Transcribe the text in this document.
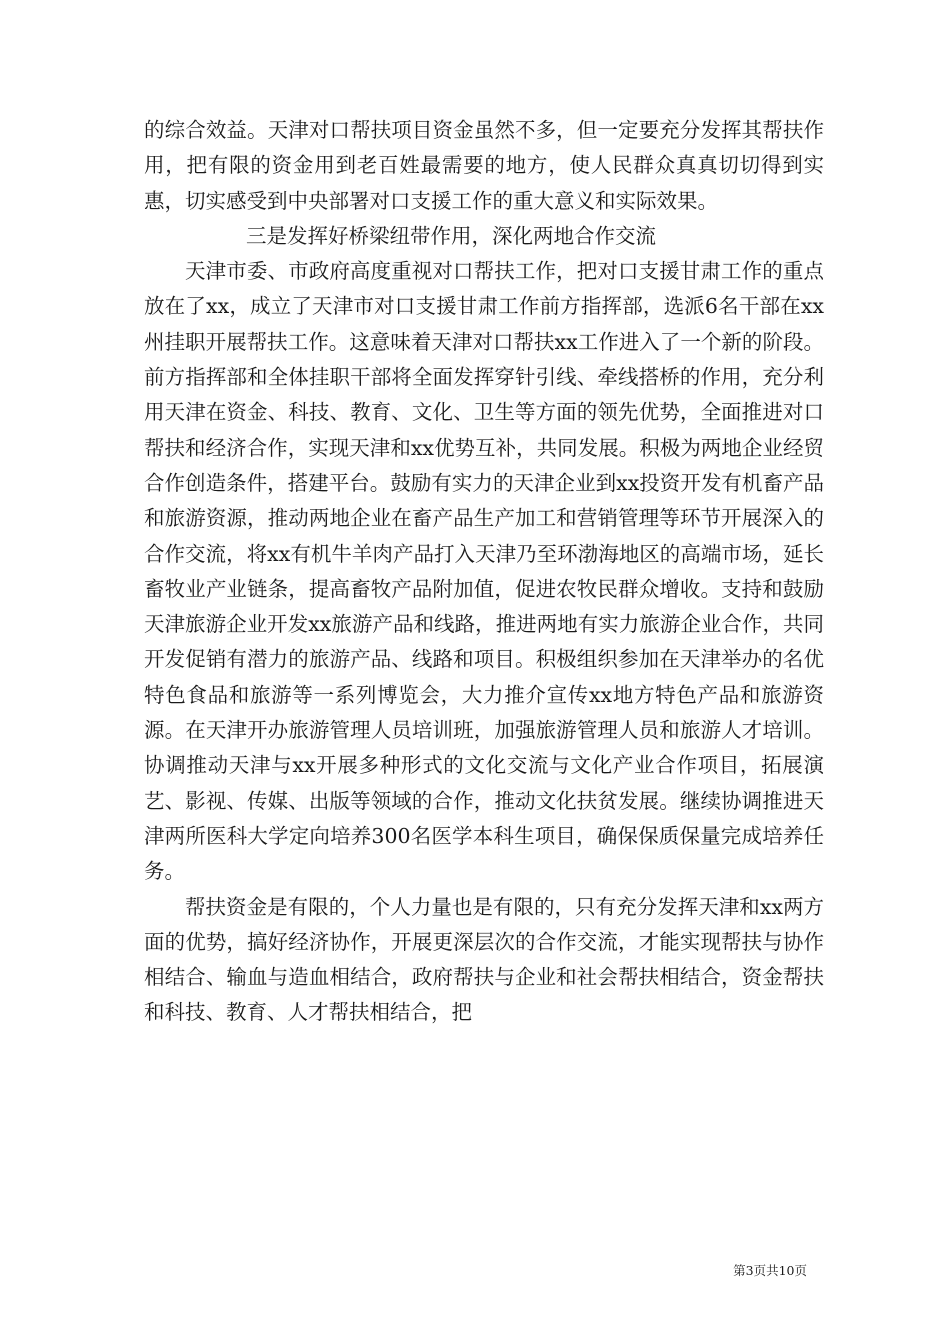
的综合效益。天津对口帮扶项目资金虽然不多，但一定要充分发挥其帮扶作用，把有限的资金用到老百姓最需要的地方，使人民群众真真切切得到实惠，切实感受到中央部署对口支援工作的重大意义和实际效果。

三是发挥好桥梁纽带作用，深化两地合作交流

天津市委、市政府高度重视对口帮扶工作，把对口支援甘肃工作的重点放在了xx，成立了天津市对口支援甘肃工作前方指挥部，选派6名干部在xx州挂职开展帮扶工作。这意味着天津对口帮扶xx工作进入了一个新的阶段。前方指挥部和全体挂职干部将全面发挥穿针引线、牵线搭桥的作用，充分利用天津在资金、科技、教育、文化、卫生等方面的领先优势，全面推进对口帮扶和经济合作，实现天津和xx优势互补，共同发展。积极为两地企业经贸合作创造条件，搭建平台。鼓励有实力的天津企业到xx投资开发有机畜产品和旅游资源，推动两地企业在畜产品生产加工和营销管理等环节开展深入的合作交流，将xx有机牛羊肉产品打入天津乃至环渤海地区的高端市场，延长畜牧业产业链条，提高畜牧产品附加值，促进农牧民群众增收。支持和鼓励天津旅游企业开发xx旅游产品和线路，推进两地有实力旅游企业合作，共同开发促销有潜力的旅游产品、线路和项目。积极组织参加在天津举办的名优特色食品和旅游等一系列博览会，大力推介宣传xx地方特色产品和旅游资源。在天津开办旅游管理人员培训班，加强旅游管理人员和旅游人才培训。协调推动天津与xx开展多种形式的文化交流与文化产业合作项目，拓展演艺、影视、传媒、出版等领域的合作，推动文化扶贫发展。继续协调推进天津两所医科大学定向培养300名医学本科生项目，确保保质保量完成培养任务。

帮扶资金是有限的，个人力量也是有限的，只有充分发挥天津和xx两方面的优势，搞好经济协作，开展更深层次的合作交流，才能实现帮扶与协作相结合、输血与造血相结合，政府帮扶与企业和社会帮扶相结合，资金帮扶和科技、教育、人才帮扶相结合，把

第3页共10页
